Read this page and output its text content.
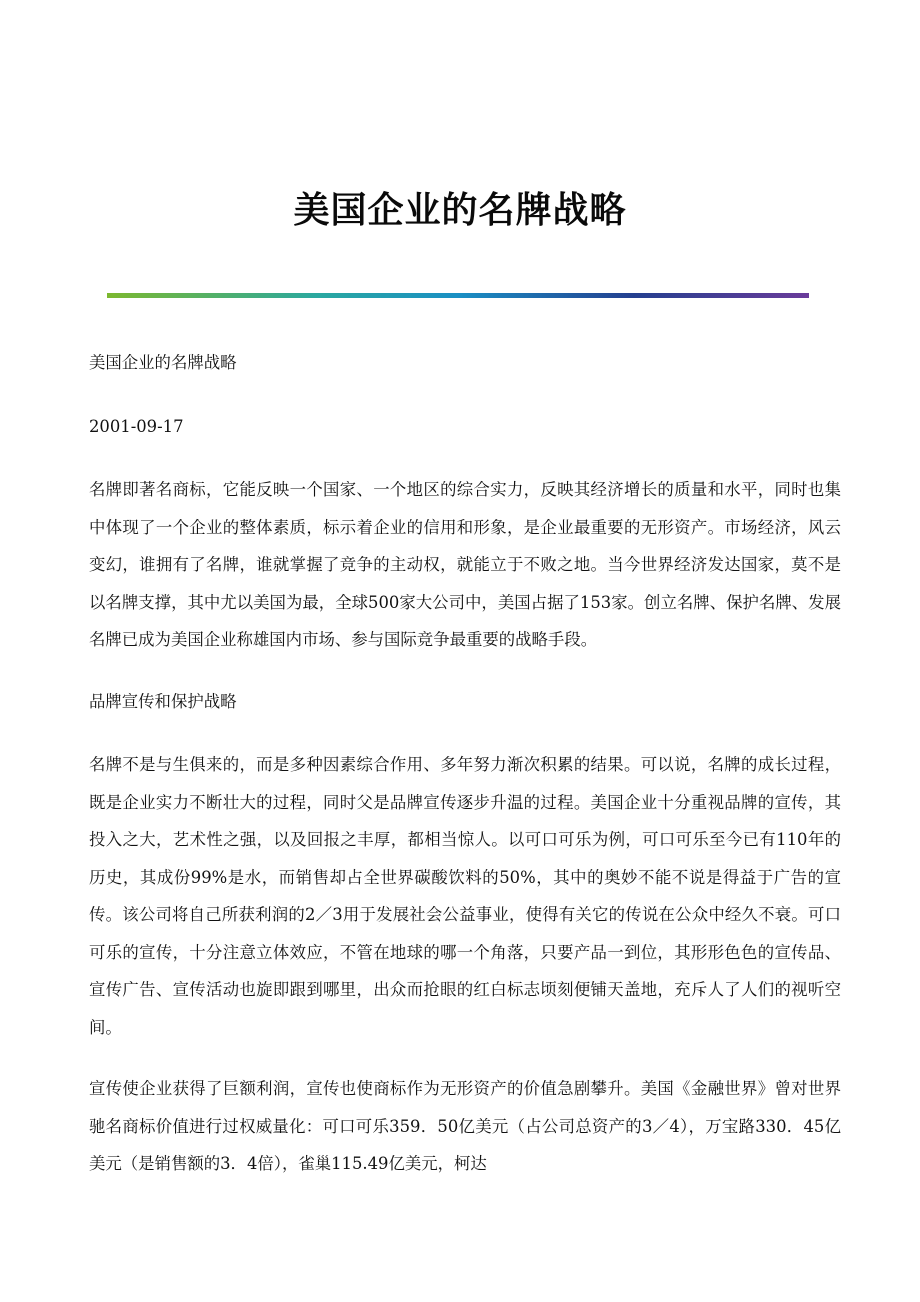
美国企业的名牌战略

美国企业的名牌战略

2001-09-17

名牌即著名商标，它能反映一个国家、一个地区的综合实力，反映其经济增长的质量和水平，同时也集中体现了一个企业的整体素质，标示着企业的信用和形象，是企业最重要的无形资产。市场经济，风云变幻，谁拥有了名牌，谁就掌握了竞争的主动权，就能立于不败之地。当今世界经济发达国家，莫不是以名牌支撑，其中尤以美国为最，全球500家大公司中，美国占据了153家。创立名牌、保护名牌、发展名牌已成为美国企业称雄国内市场、参与国际竞争最重要的战略手段。

品牌宣传和保护战略

名牌不是与生俱来的，而是多种因素综合作用、多年努力渐次积累的结果。可以说，名牌的成长过程，既是企业实力不断壮大的过程，同时父是品牌宣传逐步升温的过程。美国企业十分重视品牌的宣传，其投入之大，艺术性之强，以及回报之丰厚，都相当惊人。以可口可乐为例，可口可乐至今已有110年的历史，其成份99%是水，而销售却占全世界碳酸饮料的50%，其中的奥妙不能不说是得益于广告的宣传。该公司将自己所获利润的2／3用于发展社会公益事业，使得有关它的传说在公众中经久不衰。可口可乐的宣传，十分注意立体效应，不管在地球的哪一个角落，只要产品一到位，其形形色色的宣传品、宣传广告、宣传活动也旋即跟到哪里，出众而抢眼的红白标志顷刻便铺天盖地，充斥人了人们的视听空间。

宣传使企业获得了巨额利润，宣传也使商标作为无形资产的价值急剧攀升。美国《金融世界》曾对世界驰名商标价值进行过权威量化：可口可乐359．50亿美元（占公司总资产的3／4），万宝路330．45亿美元（是销售额的3．4倍），雀巢115.49亿美元，柯达
